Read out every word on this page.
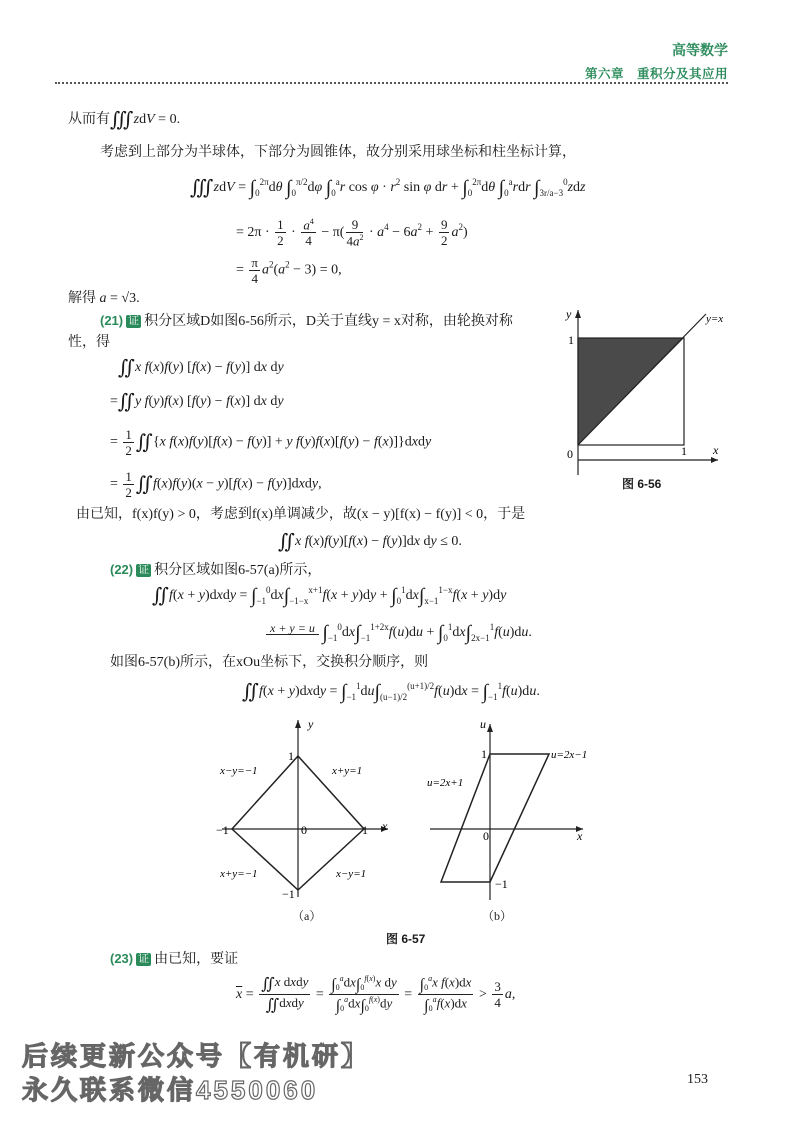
高等数学
第六章　重积分及其应用
从而有∭zdV = 0.
考虑到上部分为半球体，下部分为圆锥体，故分别采用球坐标和柱坐标计算，
∭zdV = $\int_0^{2\pi}d\theta$ $\int_0^{\pi/2}d\varphi$ $\int_0^ar$ $\cos \varphi \cdot r^2$ sin φ dr + $\int_0^{2\pi}d\theta$ $\int_0^ardr$ $\int_{3r/a-3}^0zdz$
= $2\pi \cdot \frac{1}{2} \cdot \frac{a^4}{4} - \pi( \frac{9}{4a^2} \cdot a^4 - 6a^2 + \frac{9}{2} a^2)$
= $\frac{\pi}{4} a^2(a^2 - 3) = 0$,
解得 a = √3.
(21) 证 积分区域D如图6-56所示，D关于直线y = x对称，由轮换对称
性，得
∬x f(x)f(y) [f(x) − f(y)] dx dy
=∬y f(y)f(x) [f(y) − f(x)] dx dy
= $\frac{1}{2}$ ∬{x f(x)f(y)[f(x) − f(y)] + y f(y)f(x)[f(y) − f(x)]}dxdy
= $\frac{1}{2}$ ∬f(x)f(y)(x − y)[f(x) − f(y)]dxdy,
由已知，f(x)f(y) > 0，考虑到f(x)单调减少，故(x − y)[f(x) − f(y)] < 0，于是
∬x f(x)f(y)[f(x) − f(y)]dx dy ≤ 0.
y
1
0	1 x
y=x
图 6-56
(22) 证 积分区域如图6-57(a)所示，
∬f(x + y)dxdy = $\int_{-1}^0dx\int_{-1-x}^{x+1}f(x + y)dy + \int_0^1dx\int_{x-1}^{1-x}f(x + y)dy$
x + y = u $\int_{-1}^0dx\int_{-1}^{1+2x}f(u)du + \int_0^1dx\int_{2x-1}^1f(u)du$.
如图6-57(b)所示，在xOu坐标下，交换积分顺序，则
∬f(x + y)dxdy = $\int_{-1}^1du\int_{(u-1)/2}^{(u+1)/2}f(u)dx = \int_{-1}^1f(u)du$.
y
x
1
−1	1
0
−1
x−y=−1	x+y=1
x+y=−1	x−y=1
（a）
u
x
1
0
−1
u=2x−1
u=2x+1
（b）
图 6-57
(23) 证 由已知，要证
$\overline{x} = \frac{\text{∬x dxdy}}{\text{∬dxdy}} = \frac{\int_0^adx\int_0^{f(x)}x dy}{\int_0^adx\int_0^{f(x)}dy} = \frac{\int_0^ax f(x)dx}{\int_0^af(x)dx} > \frac{3}{4} a$,
后续更新公众号【有机研】
永久联系微信4550060	153
